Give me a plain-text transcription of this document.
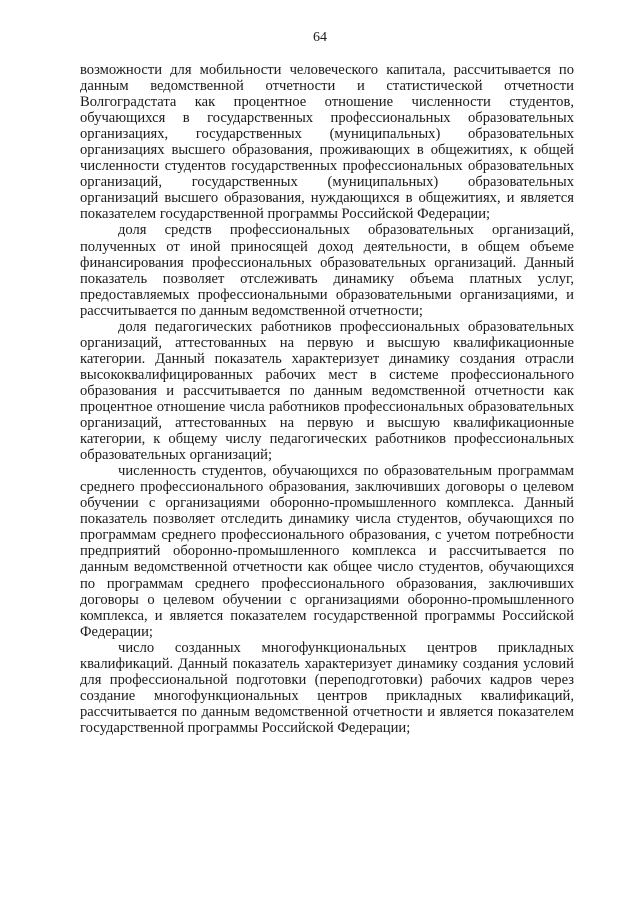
64

возможности для мобильности человеческого капитала, рассчитывается по данным ведомственной отчетности и статистической отчетности Волгоградстата как процентное отношение численности студентов, обучающихся в государственных профессиональных образовательных организациях, государственных (муниципальных) образовательных организациях высшего образования, проживающих в общежитиях, к общей численности студентов государственных профессиональных образовательных организаций, государственных (муниципальных) образовательных организаций высшего образования, нуждающихся в общежитиях, и является показателем государственной программы Российской Федерации;

доля средств профессиональных образовательных организаций, полученных от иной приносящей доход деятельности, в общем объеме финансирования профессиональных образовательных организаций. Данный показатель позволяет отслеживать динамику объема платных услуг, предоставляемых профессиональными образовательными организациями, и рассчитывается по данным ведомственной отчетности;

доля педагогических работников профессиональных образовательных организаций, аттестованных на первую и высшую квалификационные категории. Данный показатель характеризует динамику создания отрасли высококвалифицированных рабочих мест в системе профессионального образования и рассчитывается по данным ведомственной отчетности как процентное отношение числа работников профессиональных образовательных организаций, аттестованных на первую и высшую квалификационные категории, к общему числу педагогических работников профессиональных образовательных организаций;

численность студентов, обучающихся по образовательным программам среднего профессионального образования, заключивших договоры о целевом обучении с организациями оборонно-промышленного комплекса. Данный показатель позволяет отследить динамику числа студентов, обучающихся по программам среднего профессионального образования, с учетом потребности предприятий оборонно-промышленного комплекса и рассчитывается по данным ведомственной отчетности как общее число студентов, обучающихся по программам среднего профессионального образования, заключивших договоры о целевом обучении с организациями оборонно-промышленного комплекса, и является показателем государственной программы Российской Федерации;

число созданных многофункциональных центров прикладных квалификаций. Данный показатель характеризует динамику создания условий для профессиональной подготовки (переподготовки) рабочих кадров через создание многофункциональных центров прикладных квалификаций, рассчитывается по данным ведомственной отчетности и является показателем государственной программы Российской Федерации;
